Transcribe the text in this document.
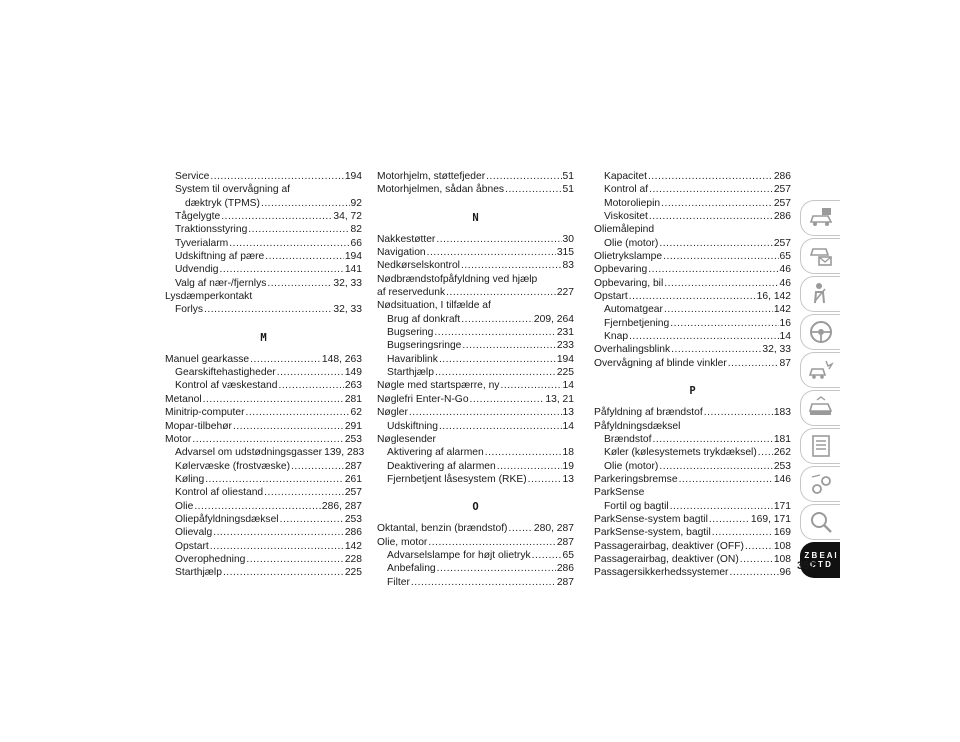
Service .....	194
System til overvågning af
dæktryk (TPMS) .....	92
Tågelygte .....	34, 72
Traktionsstyring .....	82
Tyverialarm .....	66
Udskiftning af pære .....	194
Udvendig .....	141
Valg af nær-/fjernlys .....	32, 33
Lysdæmperkontakt
Forlys .....	32, 33
M
Manuel gearkasse .....	148, 263
Gearskiftehastigheder .....	149
Kontrol af væskestand .....	263
Metanol .....	281
Minitrip-computer .....	62
Mopar-tilbehør .....	291
Motor .....	253
Advarsel om udstødningsgasser 139, 283
Kølervæske (frostvæske) .....	287
Køling .....	261
Kontrol af oliestand .....	257
Olie .....	286, 287
Oliepåfyldningsdæksel .....	253
Olievalg .....	286
Opstart .....	142
Overophedning .....	228
Starthjælp .....	225
Motorhjelm, støttefjeder .....	51
Motorhjelmen, sådan åbnes .....	51
N
Nakkestøtter .....	30
Navigation .....	315
Nedkørselskontrol .....	83
Nødbrændstofpåfyldning ved hjælp
af reservedunk .....	227
Nødsituation, I tilfælde af
Brug af donkraft .....	209, 264
Bugsering .....	231
Bugseringsringe .....	233
Havariblink .....	194
Starthjælp .....	225
Nøgle med startspærre, ny .....	14
Nøglefri Enter-N-Go .....	13, 21
Nøgler .....	13
Udskiftning .....	14
Nøglesender
Aktivering af alarmen .....	18
Deaktivering af alarmen .....	19
Fjernbetjent låsesystem (RKE) .....	13
O
Oktantal, benzin (brændstof) .....	280, 287
Olie, motor .....	287
Advarselslampe for højt olietryk .....	65
Anbefaling .....	286
Filter .....	287
Kapacitet .....	286
Kontrol af .....	257
Motoroliepin .....	257
Viskositet .....	286
Oliemålepind
Olie (motor) .....	257
Olietrykslampe .....	65
Opbevaring .....	46
Opbevaring, bil .....	46
Opstart .....	16, 142
Automatgear .....	142
Fjernbetjening .....	16
Knap .....	14
Overhalingsblink .....	32, 33
Overvågning af blinde vinkler .....	87
P
Påfyldning af brændstof .....	183
Påfyldningsdæksel
Brændstof .....	181
Køler (kølesystemets trykdæksel) ..... 262
Olie (motor) .....	253
Parkeringsbremse .....	146
ParkSense
Fortil og bagtil .....	171
ParkSense-system bagtil .....	169, 171
ParkSense-system, bagtil .....	169
Passagerairbag, deaktiver (OFF) .....	108
Passagerairbag, deaktiver (ON) .....	108
Passagersikkerhedssystemer .....	96
Z B E A I C T D
357
